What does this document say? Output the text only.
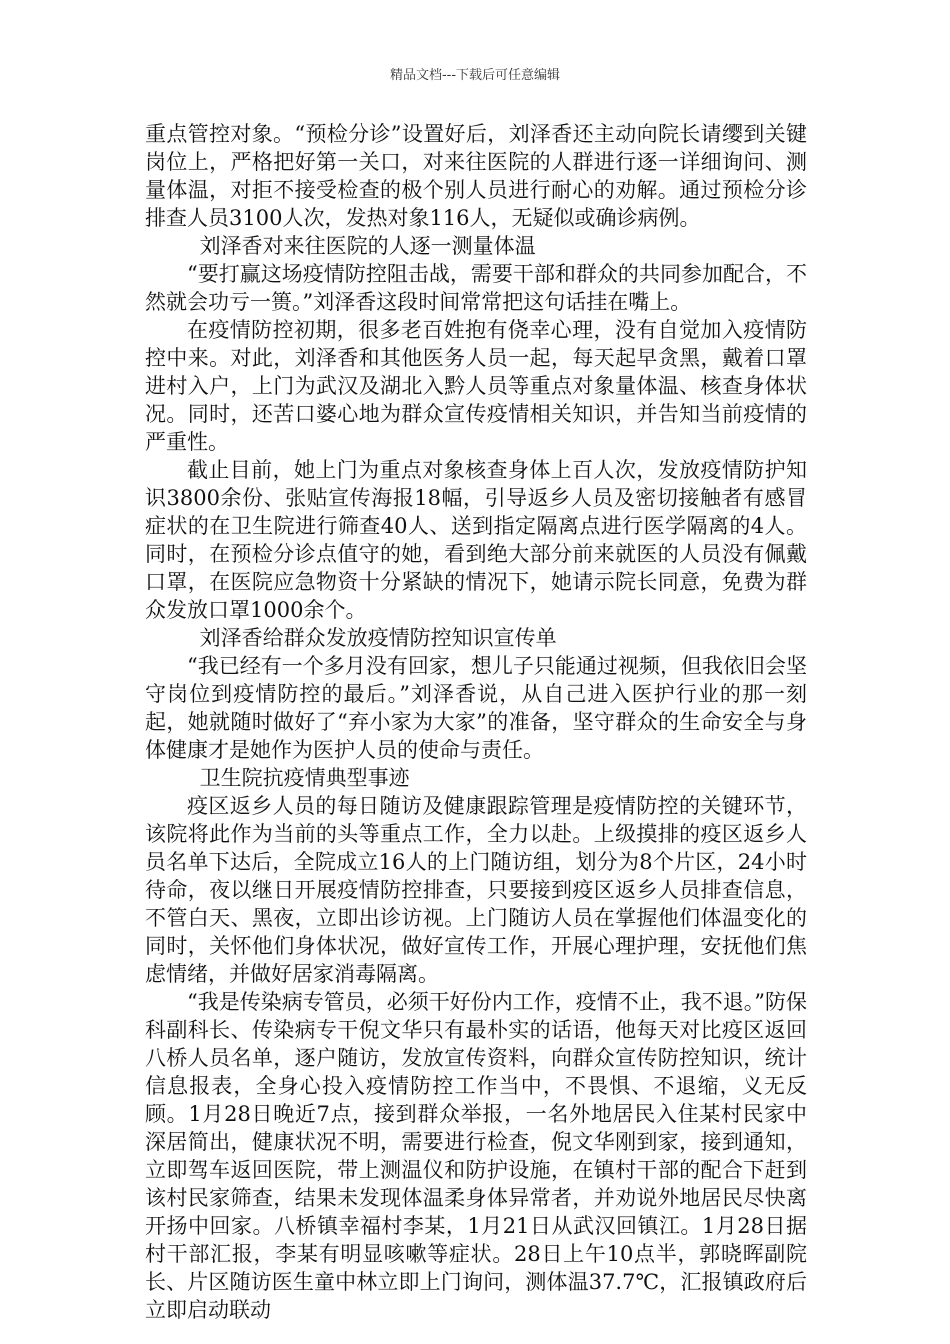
精品文档---下载后可任意编辑

重点管控对象。“预检分诊”设置好后，刘泽香还主动向院长请缨到关键岗位上，严格把好第一关口，对来往医院的人群进行逐一详细询问、测量体温，对拒不接受检查的极个别人员进行耐心的劝解。通过预检分诊排查人员3100人次，发热对象116人，无疑似或确诊病例。

刘泽香对来往医院的人逐一测量体温

“要打赢这场疫情防控阻击战，需要干部和群众的共同参加配合，不然就会功亏一篑。”刘泽香这段时间常常把这句话挂在嘴上。

在疫情防控初期，很多老百姓抱有侥幸心理，没有自觉加入疫情防控中来。对此，刘泽香和其他医务人员一起，每天起早贪黑，戴着口罩进村入户，上门为武汉及湖北入黔人员等重点对象量体温、核查身体状况。同时，还苦口婆心地为群众宣传疫情相关知识，并告知当前疫情的严重性。

截止目前，她上门为重点对象核查身体上百人次，发放疫情防护知识3800余份、张贴宣传海报18幅，引导返乡人员及密切接触者有感冒症状的在卫生院进行筛查40人、送到指定隔离点进行医学隔离的4人。同时，在预检分诊点值守的她，看到绝大部分前来就医的人员没有佩戴口罩，在医院应急物资十分紧缺的情况下，她请示院长同意，免费为群众发放口罩1000余个。

刘泽香给群众发放疫情防控知识宣传单

“我已经有一个多月没有回家，想儿子只能通过视频，但我依旧会坚守岗位到疫情防控的最后。”刘泽香说，从自己进入医护行业的那一刻起，她就随时做好了“弃小家为大家”的准备，坚守群众的生命安全与身体健康才是她作为医护人员的使命与责任。

卫生院抗疫情典型事迹

疫区返乡人员的每日随访及健康跟踪管理是疫情防控的关键环节，该院将此作为当前的头等重点工作，全力以赴。上级摸排的疫区返乡人员名单下达后，全院成立16人的上门随访组，划分为8个片区，24小时待命，夜以继日开展疫情防控排查，只要接到疫区返乡人员排查信息，不管白天、黑夜，立即出诊访视。上门随访人员在掌握他们体温变化的同时，关怀他们身体状况，做好宣传工作，开展心理护理，安抚他们焦虑情绪，并做好居家消毒隔离。

“我是传染病专管员，必须干好份内工作，疫情不止，我不退。”防保科副科长、传染病专干倪文华只有最朴实的话语，他每天对比疫区返回八桥人员名单，逐户随访，发放宣传资料，向群众宣传防控知识，统计信息报表，全身心投入疫情防控工作当中，不畏惧、不退缩，义无反顾。1月28日晚近7点，接到群众举报，一名外地居民入住某村民家中深居简出，健康状况不明，需要进行检查，倪文华刚到家，接到通知，立即驾车返回医院，带上测温仪和防护设施，在镇村干部的配合下赶到该村民家筛查，结果未发现体温柔身体异常者，并劝说外地居民尽快离开扬中回家。八桥镇幸福村李某，1月21日从武汉回镇江。1月28日据村干部汇报，李某有明显咳嗽等症状。28日上午10点半，郭晓晖副院长、片区随访医生童中林立即上门询问，测体温37.7℃，汇报镇政府后立即启动联动
